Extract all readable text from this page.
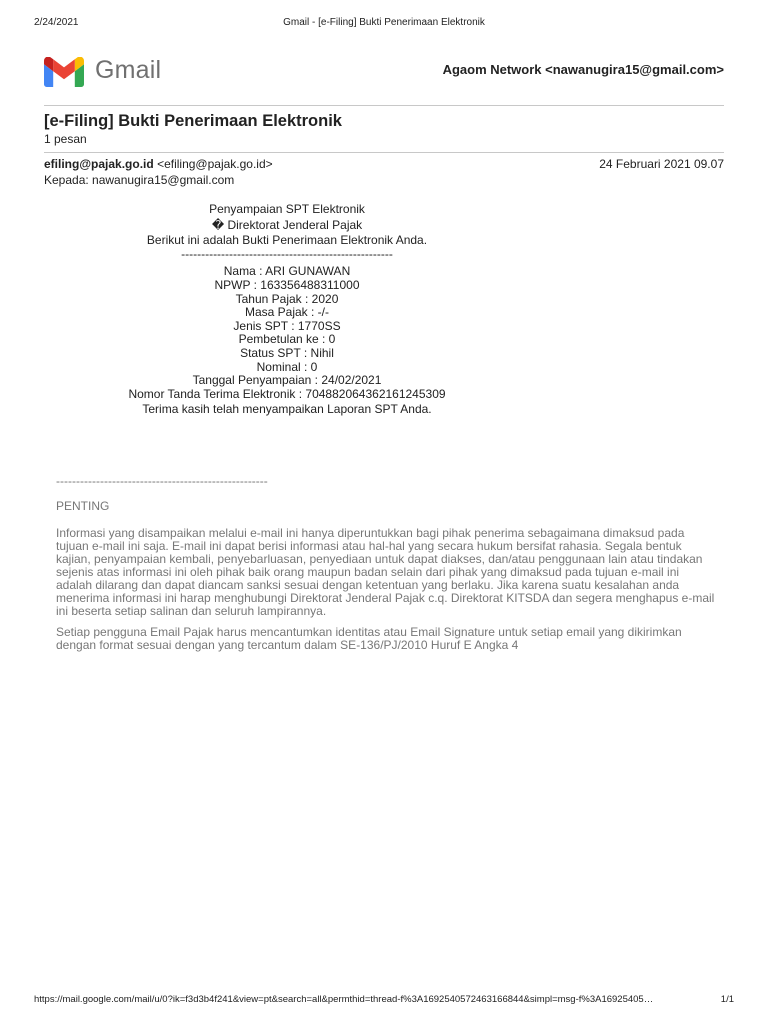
2/24/2021	Gmail - [e-Filing] Bukti Penerimaan Elektronik
Gmail	Agaom Network <nawanugira15@gmail.com>
[e-Filing] Bukti Penerimaan Elektronik
1 pesan
efiling@pajak.go.id <efiling@pajak.go.id>	24 Februari 2021 09.07
Kepada: nawanugira15@gmail.com
Penyampaian SPT Elektronik
� Direktorat Jenderal Pajak
Berikut ini adalah Bukti Penerimaan Elektronik Anda.
-----------------------------------------------------
Nama : ARI GUNAWAN
NPWP : 163356488311000
Tahun Pajak : 2020
Masa Pajak : -/-
Jenis SPT : 1770SS
Pembetulan ke : 0
Status SPT : Nihil
Nominal : 0
Tanggal Penyampaian : 24/02/2021
Nomor Tanda Terima Elektronik : 704882064362161245309
Terima kasih telah menyampaikan Laporan SPT Anda.

-----------------------------------------------------

PENTING

Informasi yang disampaikan melalui e-mail ini hanya diperuntukkan bagi pihak penerima sebagaimana dimaksud pada tujuan e-mail ini saja. E-mail ini dapat berisi informasi atau hal-hal yang secara hukum bersifat rahasia. Segala bentuk kajian, penyampaian kembali, penyebarluasan, penyediaan untuk dapat diakses, dan/atau penggunaan lain atau tindakan sejenis atas informasi ini oleh pihak baik orang maupun badan selain dari pihak yang dimaksud pada tujuan e-mail ini adalah dilarang dan dapat diancam sanksi sesuai dengan ketentuan yang berlaku. Jika karena suatu kesalahan anda menerima informasi ini harap menghubungi Direktorat Jenderal Pajak c.q. Direktorat KITSDA dan segera menghapus e-mail ini beserta setiap salinan dan seluruh lampirannya.

Setiap pengguna Email Pajak harus mencantumkan identitas atau Email Signature untuk setiap email yang dikirimkan dengan format sesuai dengan yang tercantum dalam SE-136/PJ/2010 Huruf E Angka 4

https://mail.google.com/mail/u/0?ik=f3d3b4f241&view=pt&search=all&permthid=thread-f%3A1692540572463166844&simpl=msg-f%3A16925405…	1/1
